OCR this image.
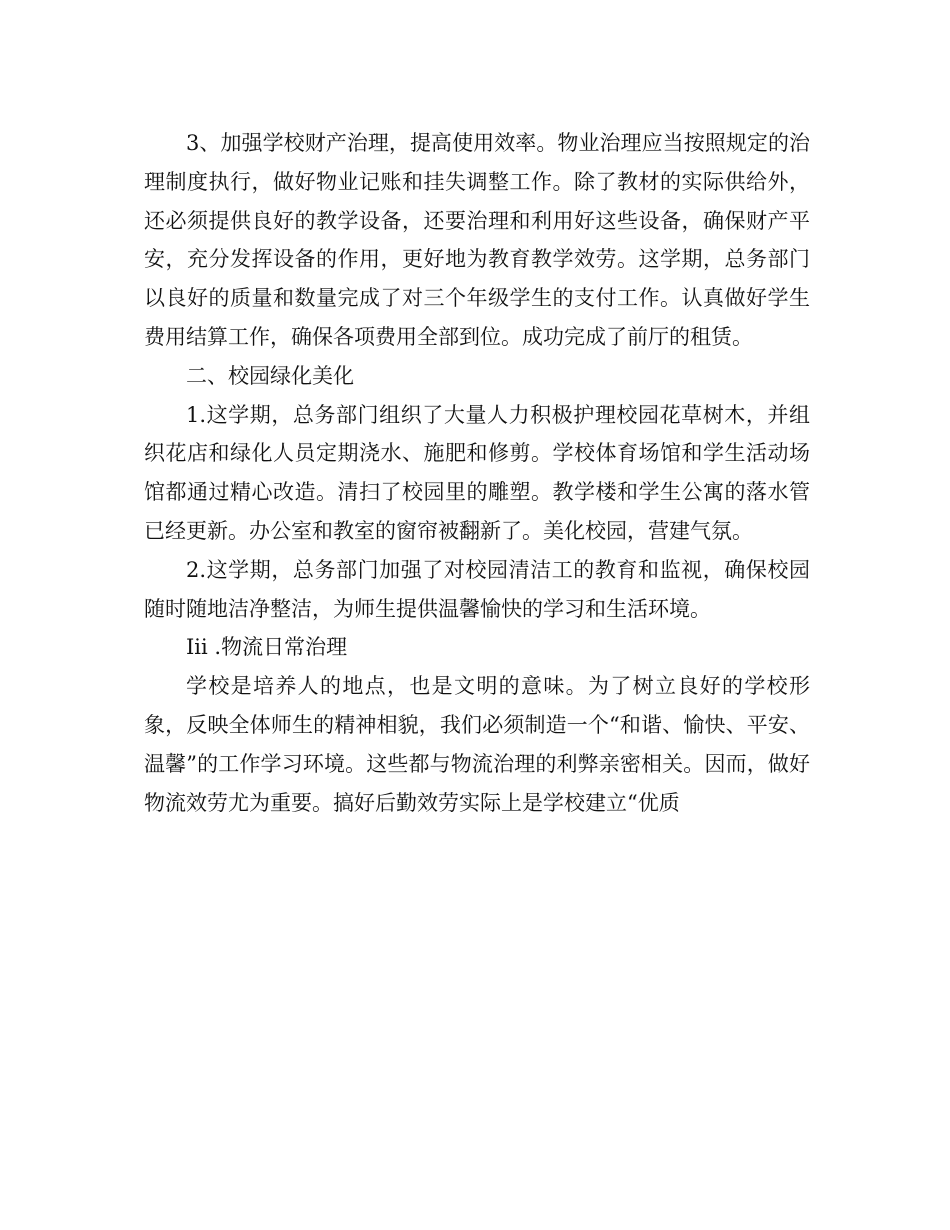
3、加强学校财产治理，提高使用效率。物业治理应当按照规定的治理制度执行，做好物业记账和挂失调整工作。除了教材的实际供给外，还必须提供良好的教学设备，还要治理和利用好这些设备，确保财产平安，充分发挥设备的作用，更好地为教育教学效劳。这学期，总务部门以良好的质量和数量完成了对三个年级学生的支付工作。认真做好学生费用结算工作，确保各项费用全部到位。成功完成了前厅的租赁。

二、校园绿化美化

1.这学期，总务部门组织了大量人力积极护理校园花草树木，并组织花店和绿化人员定期浇水、施肥和修剪。学校体育场馆和学生活动场馆都通过精心改造。清扫了校园里的雕塑。教学楼和学生公寓的落水管已经更新。办公室和教室的窗帘被翻新了。美化校园，营建气氛。

2.这学期，总务部门加强了对校园清洁工的教育和监视，确保校园随时随地洁净整洁，为师生提供温馨愉快的学习和生活环境。

Iii .物流日常治理

学校是培养人的地点，也是文明的意味。为了树立良好的学校形象，反映全体师生的精神相貌，我们必须制造一个“和谐、愉快、平安、温馨”的工作学习环境。这些都与物流治理的利弊亲密相关。因而，做好物流效劳尤为重要。搞好后勤效劳实际上是学校建立“优质
